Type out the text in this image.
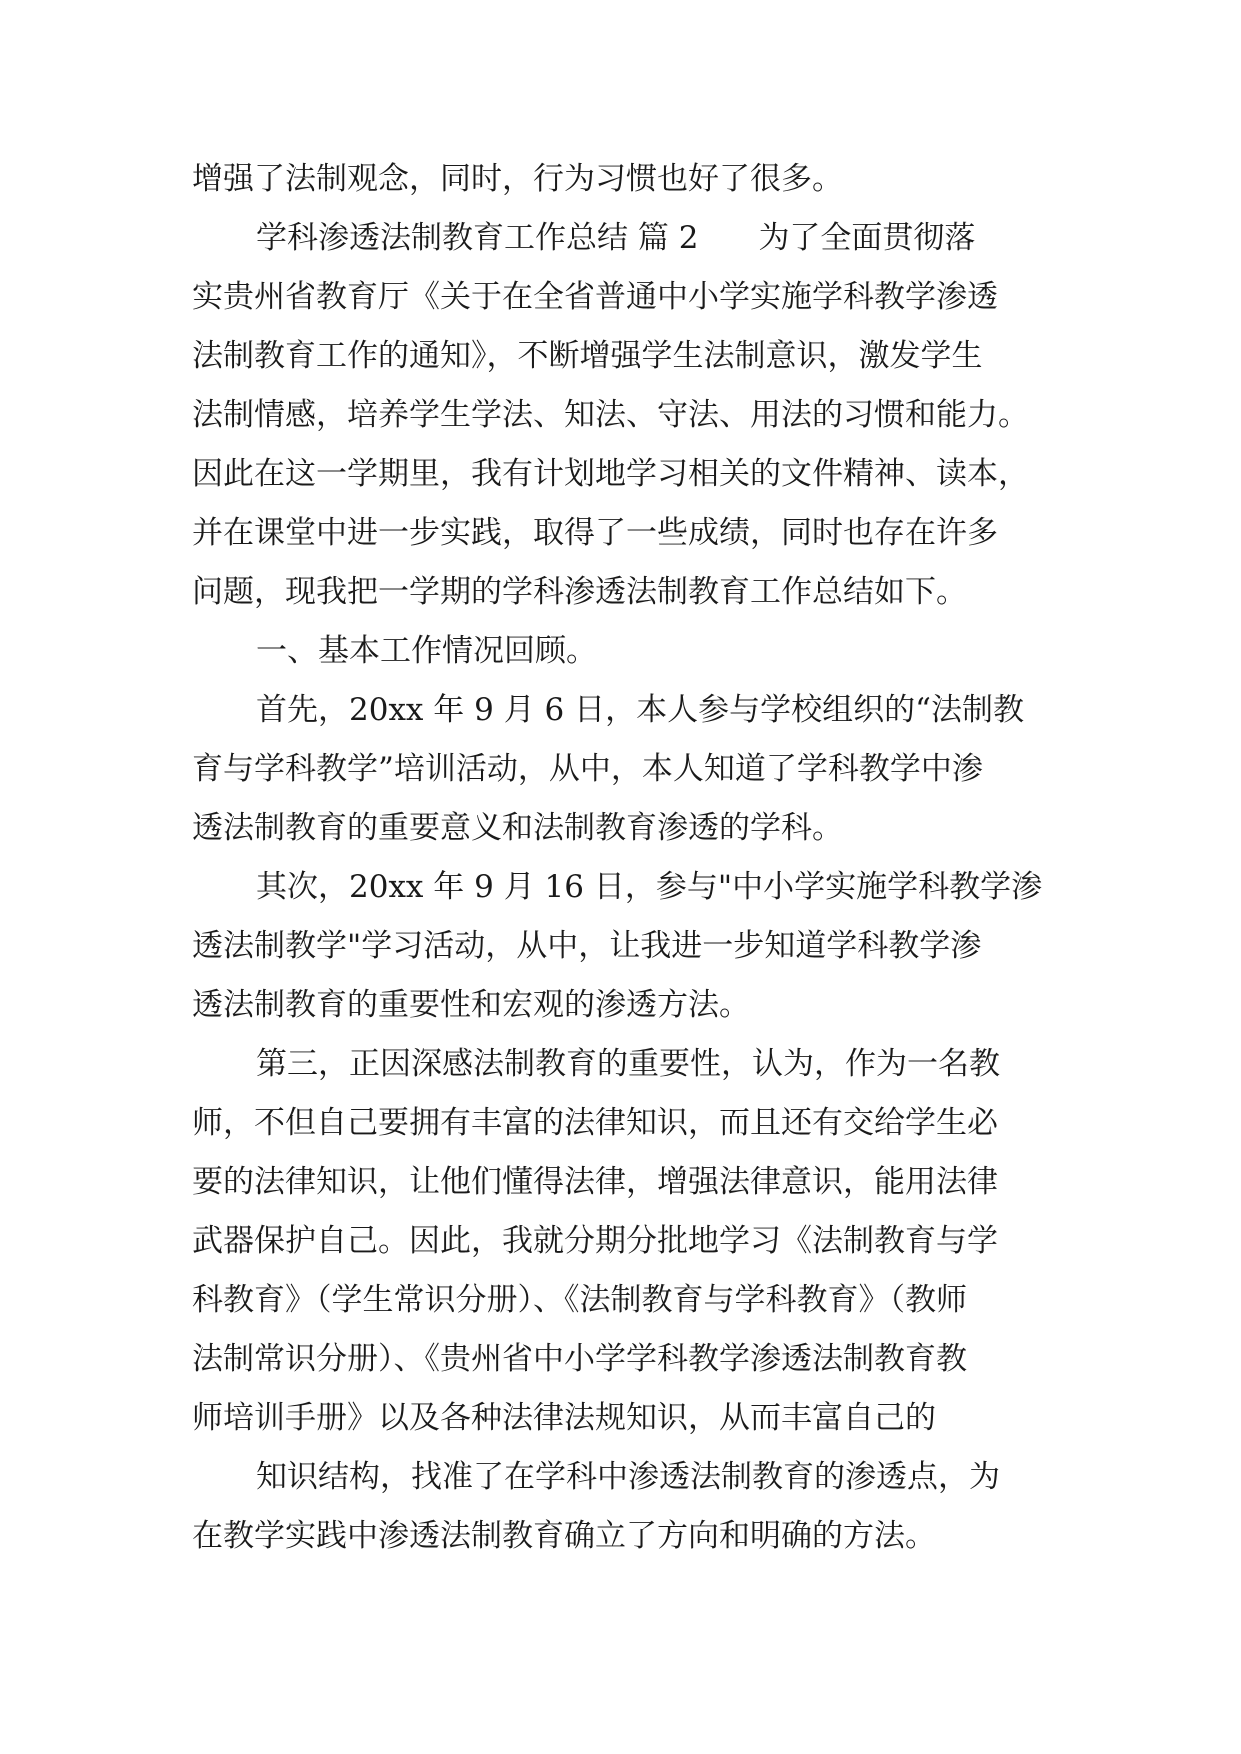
增强了法制观念，同时，行为习惯也好了很多。
学科渗透法制教育工作总结 篇 2 为了全面贯彻落
实贵州省教育厅《关于在全省普通中小学实施学科教学渗透
法制教育工作的通知》，不断增强学生法制意识，激发学生
法制情感，培养学生学法、知法、守法、用法的习惯和能力。
因此在这一学期里，我有计划地学习相关的文件精神、读本，
并在课堂中进一步实践，取得了一些成绩，同时也存在许多
问题，现我把一学期的学科渗透法制教育工作总结如下。
一、基本工作情况回顾。
首先，20xx 年 9 月 6 日，本人参与学校组织的“法制教
育与学科教学”培训活动，从中，本人知道了学科教学中渗
透法制教育的重要意义和法制教育渗透的学科。
其次，20xx 年 9 月 16 日，参与"中小学实施学科教学渗
透法制教学"学习活动，从中，让我进一步知道学科教学渗
透法制教育的重要性和宏观的渗透方法。
第三，正因深感法制教育的重要性，认为，作为一名教
师，不但自己要拥有丰富的法律知识，而且还有交给学生必
要的法律知识，让他们懂得法律，增强法律意识，能用法律
武器保护自己。因此，我就分期分批地学习《法制教育与学
科教育》（学生常识分册）、《法制教育与学科教育》（教师
法制常识分册）、《贵州省中小学学科教学渗透法制教育教
师培训手册》以及各种法律法规知识，从而丰富自己的
知识结构，找准了在学科中渗透法制教育的渗透点，为
在教学实践中渗透法制教育确立了方向和明确的方法。
